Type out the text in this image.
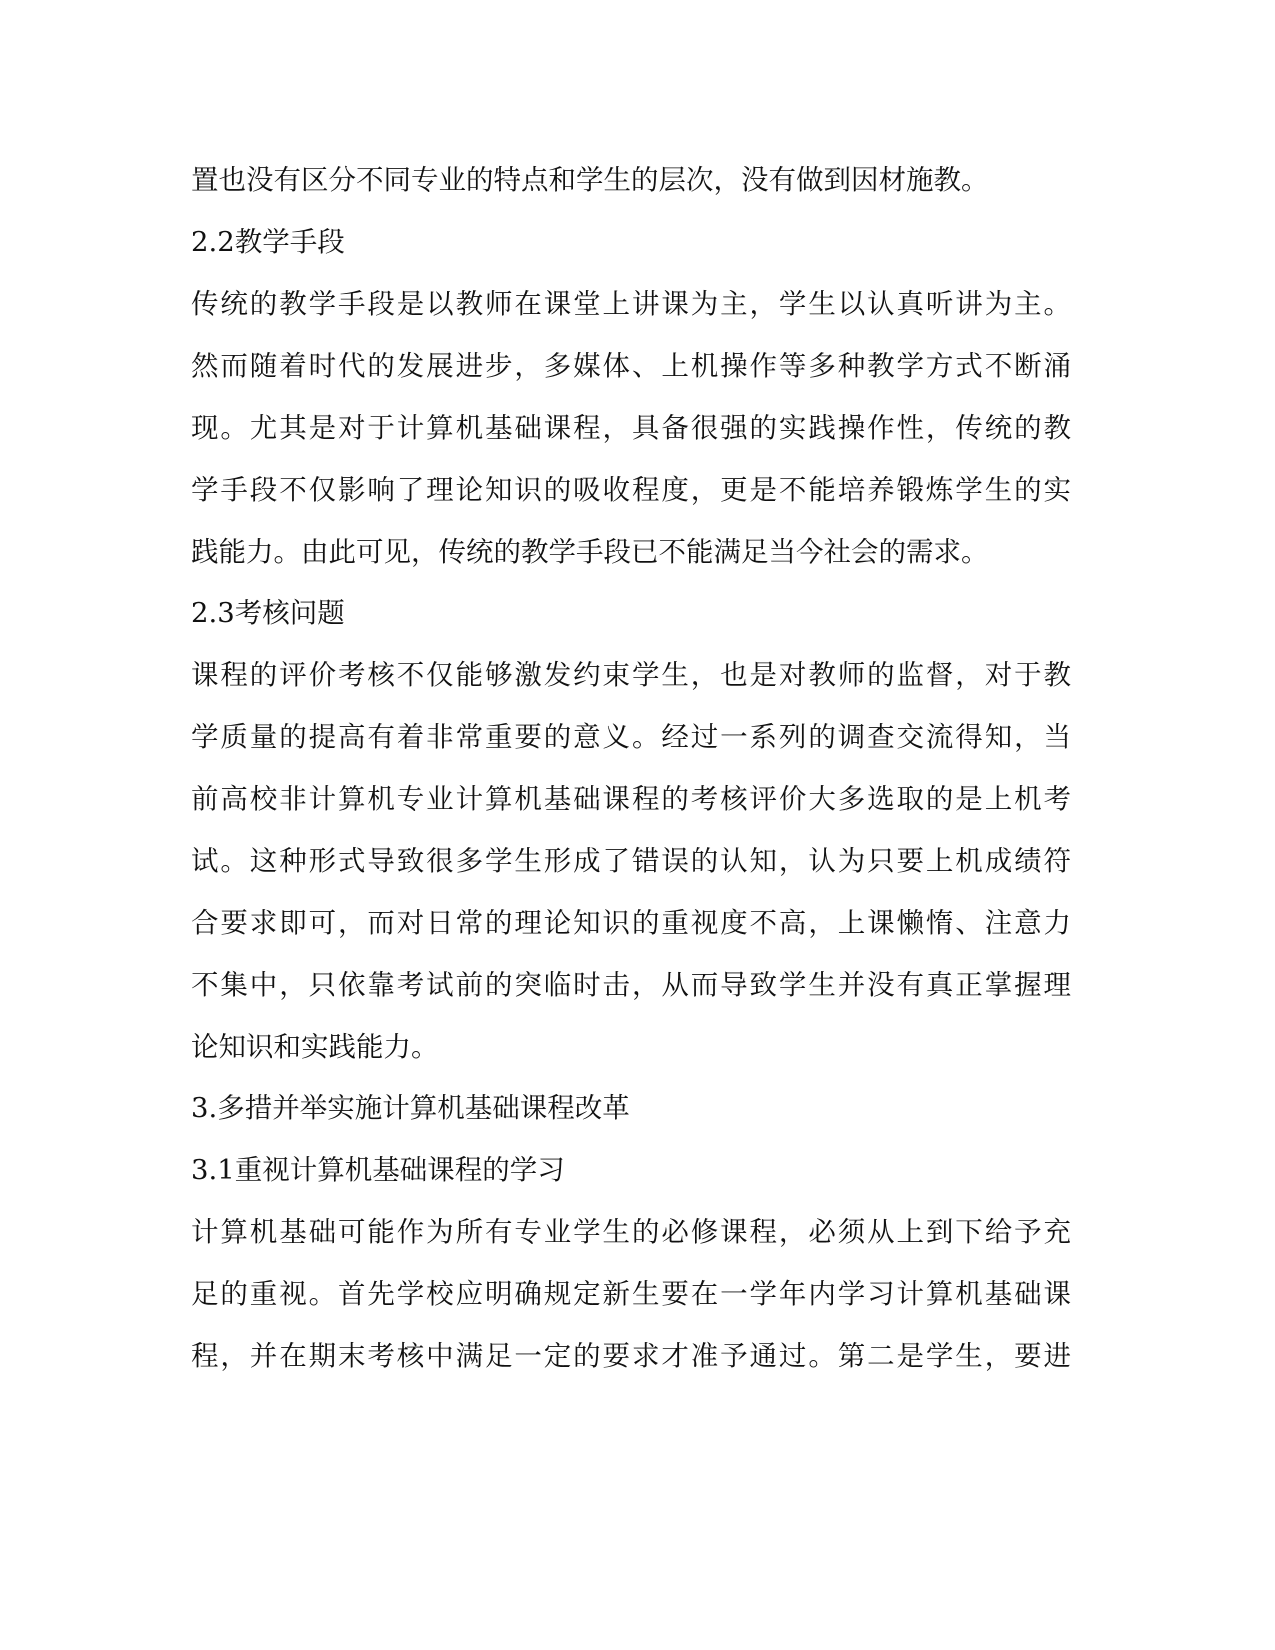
置也没有区分不同专业的特点和学生的层次，没有做到因材施教。
2.2教学手段
传统的教学手段是以教师在课堂上讲课为主，学生以认真听讲为主。
然而随着时代的发展进步，多媒体、上机操作等多种教学方式不断涌
现。尤其是对于计算机基础课程，具备很强的实践操作性，传统的教
学手段不仅影响了理论知识的吸收程度，更是不能培养锻炼学生的实
践能力。由此可见，传统的教学手段已不能满足当今社会的需求。
2.3考核问题
课程的评价考核不仅能够激发约束学生，也是对教师的监督，对于教
学质量的提高有着非常重要的意义。经过一系列的调查交流得知，当
前高校非计算机专业计算机基础课程的考核评价大多选取的是上机考
试。这种形式导致很多学生形成了错误的认知，认为只要上机成绩符
合要求即可，而对日常的理论知识的重视度不高，上课懒惰、注意力
不集中，只依靠考试前的突临时击，从而导致学生并没有真正掌握理
论知识和实践能力。
3.多措并举实施计算机基础课程改革
3.1重视计算机基础课程的学习
计算机基础可能作为所有专业学生的必修课程，必须从上到下给予充
足的重视。首先学校应明确规定新生要在一学年内学习计算机基础课
程，并在期末考核中满足一定的要求才准予通过。第二是学生，要进
